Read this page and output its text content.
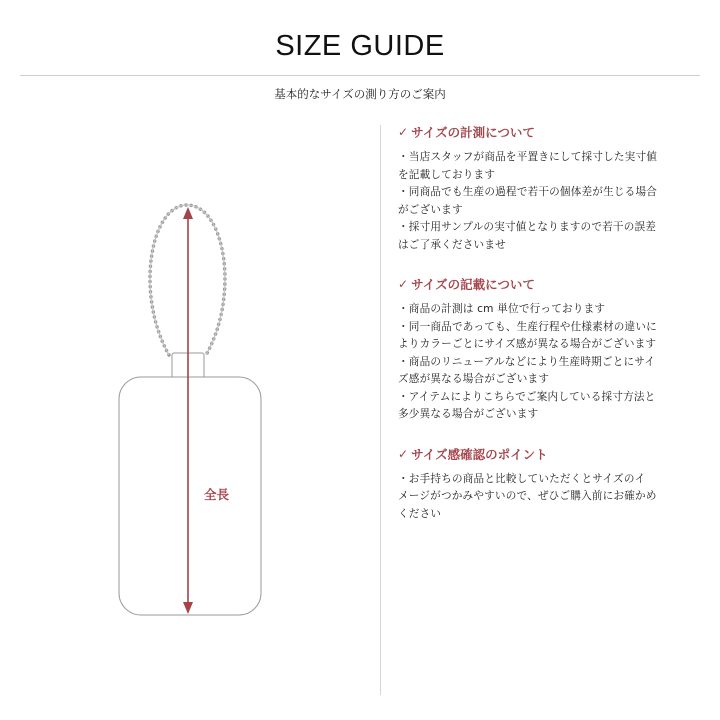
SIZE GUIDE
基本的なサイズの測り方のご案内
全長
✓ サイズの計測について
・当店スタッフが商品を平置きにして採寸した実寸値
を記載しております
・同商品でも生産の過程で若干の個体差が生じる場合
がございます
・採寸用サンプルの実寸値となりますので若干の誤差
はご了承くださいませ
✓ サイズの記載について
・商品の計測は cm 単位で行っております
・同一商品であっても、生産行程や仕様素材の違いに
よりカラーごとにサイズ感が異なる場合がございます
・商品のリニューアルなどにより生産時期ごとにサイ
ズ感が異なる場合がございます
・アイテムによりこちらでご案内している採寸方法と
多少異なる場合がございます
✓ サイズ感確認のポイント
・お手持ちの商品と比較していただくとサイズのイ
メージがつかみやすいので、ぜひご購入前にお確かめ
ください
